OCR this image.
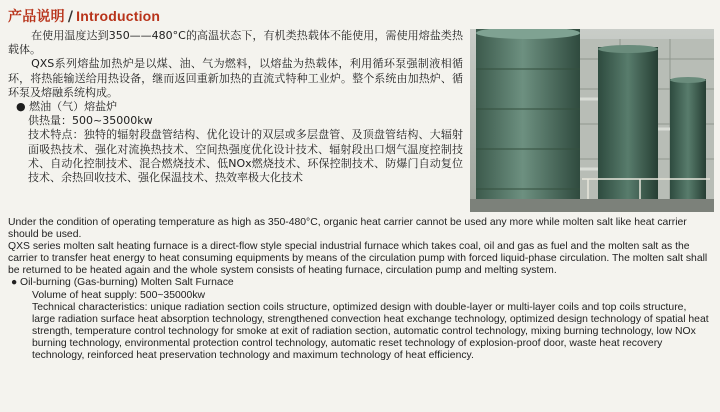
产品说明 / Introduction

在使用温度达到350——480°C的高温状态下，有机类热载体不能使用，需使用熔盐类热载体。

QXS系列熔盐加热炉是以煤、油、气为燃料，以熔盐为热载体，利用循环泵强制液相循环，将热能输送给用热设备，继而返回重新加热的直流式特种工业炉。整个系统由加热炉、循环泵及熔融系统构成。

● 燃油（气）熔盐炉

供热量：500~35000kw

技术特点：独特的辐射段盘管结构、优化设计的双层或多层盘管、及顶盘管结构、大辐射面吸热技术、强化对流换热技术、空间热强度优化设计技术、辐射段出口烟气温度控制技术、自动化控制技术、混合燃烧技术、低NOx燃烧技术、环保控制技术、防爆门自动复位技术、余热回收技术、强化保温技术、热效率极大化技术

Under the condition of operating temperature as high as 350-480°C, organic heat carrier cannot be used any more while molten salt like heat carrier should be used.

QXS series molten salt heating furnace is a direct-flow style special industrial furnace which takes coal, oil and gas as fuel and the molten salt as the carrier to transfer heat energy to heat consuming equipments by means of the circulation pump with forced liquid-phase circulation. The molten salt shall be returned to be heated again and the whole system consists of heating furnace, circulation pump and melting system.

● Oil-burning (Gas-burning) Molten Salt Furnace

Volume of heat supply: 500~35000kw

Technical characteristics: unique radiation section coils structure, optimized design with double-layer or multi-layer coils and top coils structure, large radiation surface heat absorption technology, strengthened convection heat exchange technology, optimized design technology of spatial heat strength, temperature control technology for smoke at exit of radiation section, automatic control technology, mixing burning technology, low NOx burning technology, environmental protection control technology, automatic reset technology of explosion-proof door, waste heat recovery technology, reinforced heat preservation technology and maximum technology of heat efficiency.
